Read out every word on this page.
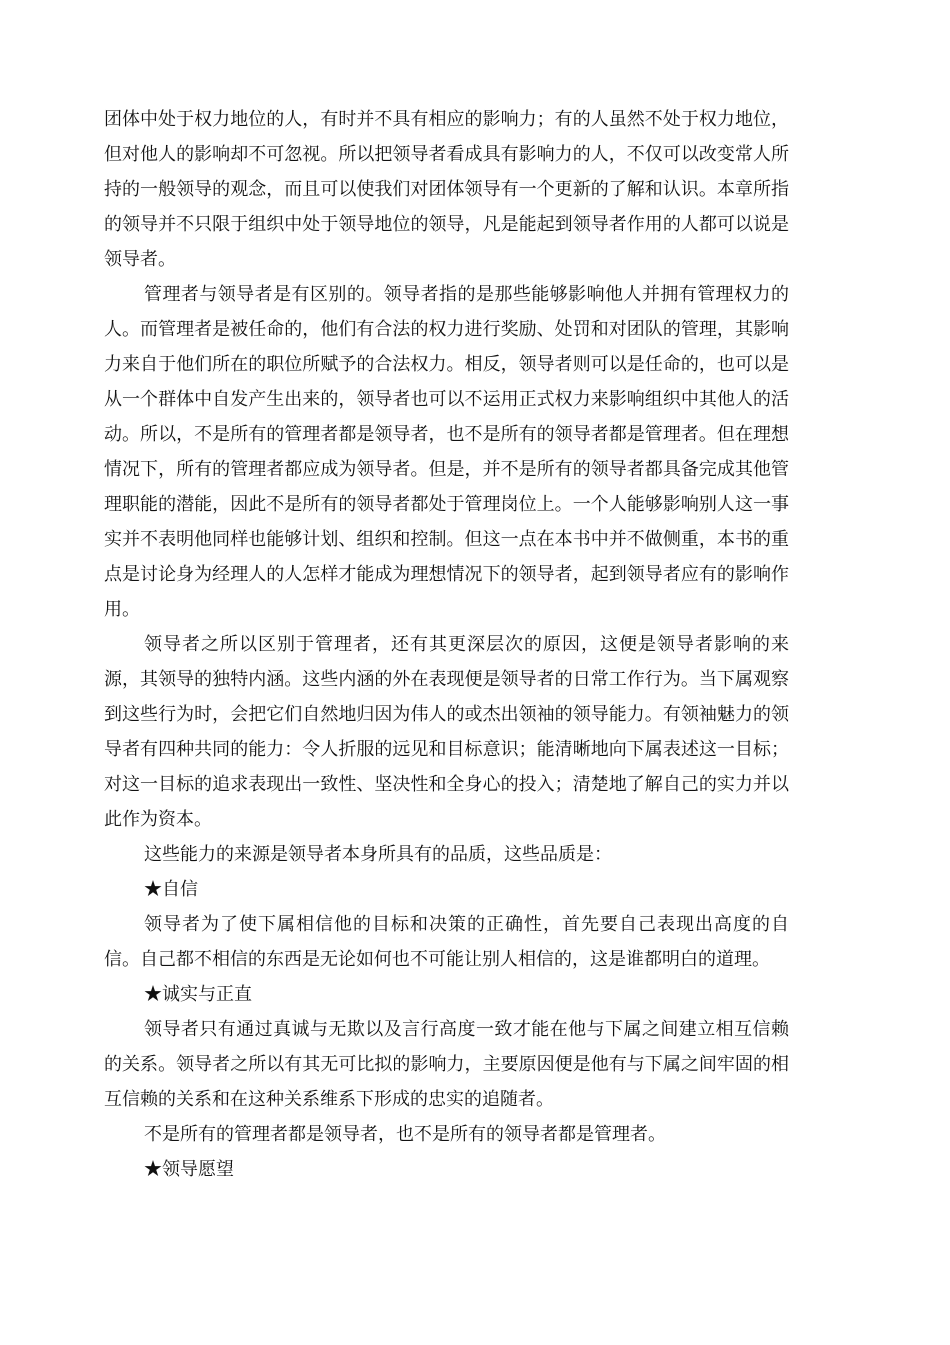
团体中处于权力地位的人，有时并不具有相应的影响力；有的人虽然不处于权力地位，但对他人的影响却不可忽视。所以把领导者看成具有影响力的人，不仅可以改变常人所持的一般领导的观念，而且可以使我们对团体领导有一个更新的了解和认识。本章所指的领导并不只限于组织中处于领导地位的领导，凡是能起到领导者作用的人都可以说是领导者。

管理者与领导者是有区别的。领导者指的是那些能够影响他人并拥有管理权力的人。而管理者是被任命的，他们有合法的权力进行奖励、处罚和对团队的管理，其影响力来自于他们所在的职位所赋予的合法权力。相反，领导者则可以是任命的，也可以是从一个群体中自发产生出来的，领导者也可以不运用正式权力来影响组织中其他人的活动。所以，不是所有的管理者都是领导者，也不是所有的领导者都是管理者。但在理想情况下，所有的管理者都应成为领导者。但是，并不是所有的领导者都具备完成其他管理职能的潜能，因此不是所有的领导者都处于管理岗位上。一个人能够影响别人这一事实并不表明他同样也能够计划、组织和控制。但这一点在本书中并不做侧重，本书的重点是讨论身为经理人的人怎样才能成为理想情况下的领导者，起到领导者应有的影响作用。

领导者之所以区别于管理者，还有其更深层次的原因，这便是领导者影响的来源，其领导的独特内涵。这些内涵的外在表现便是领导者的日常工作行为。当下属观察到这些行为时，会把它们自然地归因为伟人的或杰出领袖的领导能力。有领袖魅力的领导者有四种共同的能力：令人折服的远见和目标意识；能清晰地向下属表述这一目标；对这一目标的追求表现出一致性、坚决性和全身心的投入；清楚地了解自己的实力并以此作为资本。

这些能力的来源是领导者本身所具有的品质，这些品质是：

★自信

领导者为了使下属相信他的目标和决策的正确性，首先要自己表现出高度的自信。自己都不相信的东西是无论如何也不可能让别人相信的，这是谁都明白的道理。

★诚实与正直

领导者只有通过真诚与无欺以及言行高度一致才能在他与下属之间建立相互信赖的关系。领导者之所以有其无可比拟的影响力，主要原因便是他有与下属之间牢固的相互信赖的关系和在这种关系维系下形成的忠实的追随者。

不是所有的管理者都是领导者，也不是所有的领导者都是管理者。

★领导愿望
